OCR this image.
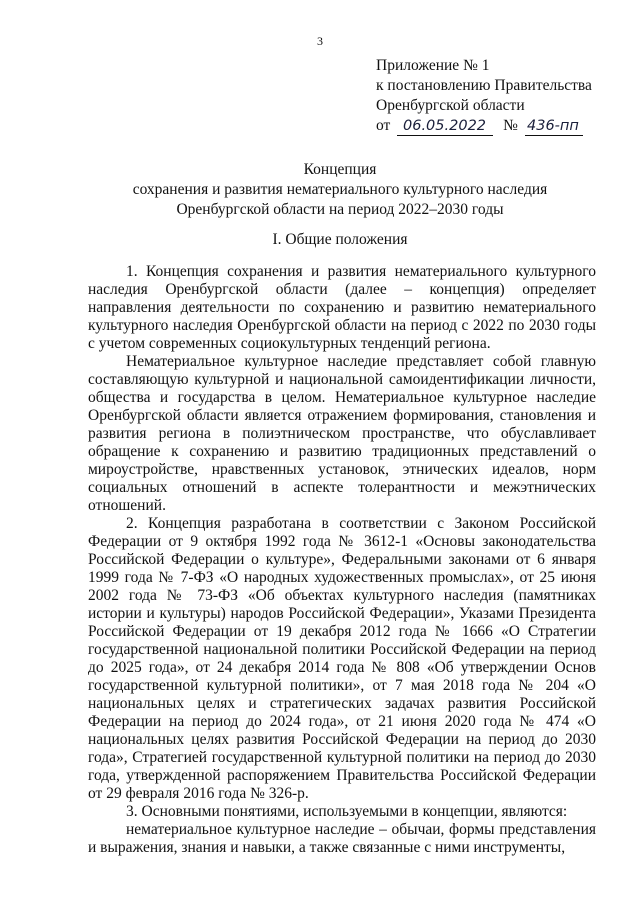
3
Приложение № 1
к постановлению Правительства
Оренбургской области
от 06.05.2022 № 436-пп
Концепция
сохранения и развития нематериального культурного наследия
Оренбургской области на период 2022–2030 годы
I. Общие положения

1. Концепция сохранения и развития нематериального культурного наследия Оренбургской области (далее – концепция) определяет направления деятельности по сохранению и развитию нематериального культурного наследия Оренбургской области на период с 2022 по 2030 годы с учетом современных социокультурных тенденций региона.

Нематериальное культурное наследие представляет собой главную составляющую культурной и национальной самоидентификации личности, общества и государства в целом. Нематериальное культурное наследие Оренбургской области является отражением формирования, становления и развития региона в полиэтническом пространстве, что обуславливает обращение к сохранению и развитию традиционных представлений о мироустройстве, нравственных установок, этнических идеалов, норм социальных отношений в аспекте толерантности и межэтнических отношений.

2. Концепция разработана в соответствии с Законом Российской Федерации от 9 октября 1992 года № 3612-1 «Основы законодательства Российской Федерации о культуре», Федеральными законами от 6 января 1999 года № 7-ФЗ «О народных художественных промыслах», от 25 июня 2002 года № 73-ФЗ «Об объектах культурного наследия (памятниках истории и культуры) народов Российской Федерации», Указами Президента Российской Федерации от 19 декабря 2012 года № 1666 «О Стратегии государственной национальной политики Российской Федерации на период до 2025 года», от 24 декабря 2014 года № 808 «Об утверждении Основ государственной культурной политики», от 7 мая 2018 года № 204 «О национальных целях и стратегических задачах развития Российской Федерации на период до 2024 года», от 21 июня 2020 года № 474 «О национальных целях развития Российской Федерации на период до 2030 года», Стратегией государственной культурной политики на период до 2030 года, утвержденной распоряжением Правительства Российской Федерации от 29 февраля 2016 года № 326-р.

3. Основными понятиями, используемыми в концепции, являются:

нематериальное культурное наследие – обычаи, формы представления и выражения, знания и навыки, а также связанные с ними инструменты,
